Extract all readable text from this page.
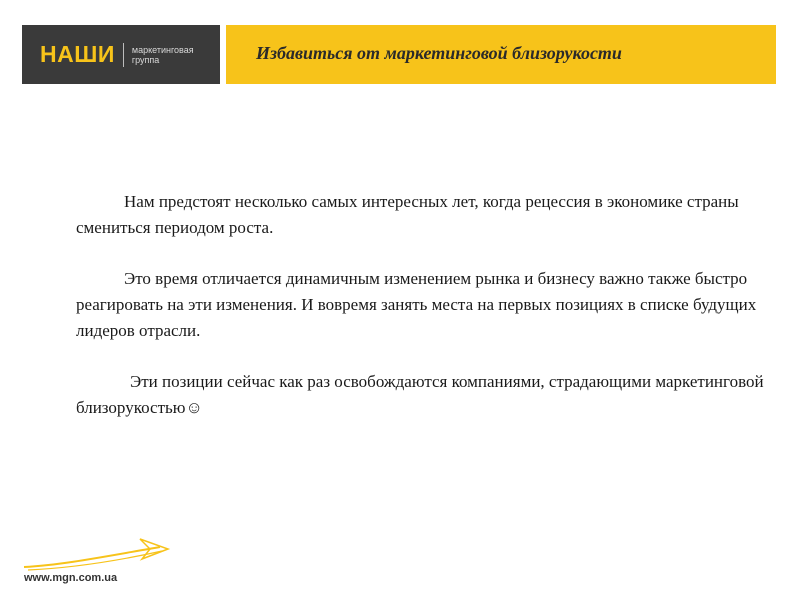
НАШИ маркетинговая
группа	Избавиться от маркетинговой близорукости

Нам предстоят несколько самых интересных лет, когда рецессия в экономике страны смениться периодом роста.

Это время отличается динамичным изменением рынка и бизнесу важно также быстро реагировать на эти изменения. И вовремя занять места на первых позициях в списке будущих лидеров отрасли.

Эти позиции сейчас как раз освобождаются компаниями, страдающими маркетинговой близорукостью☺

www.mgn.com.ua
